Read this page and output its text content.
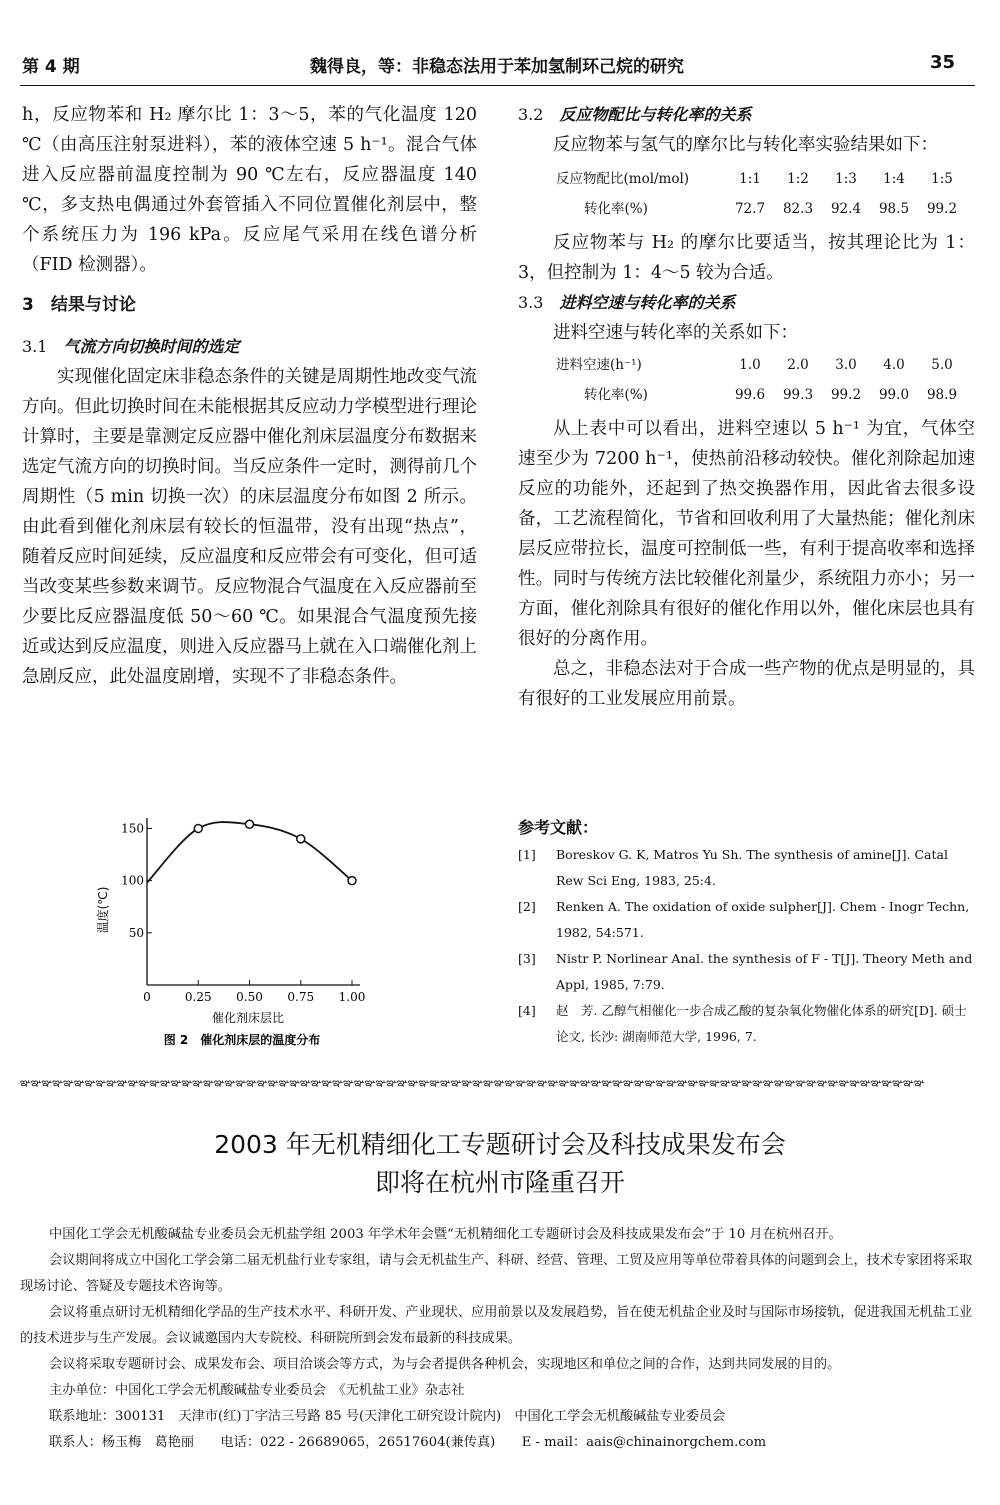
第 4 期	魏得良，等：非稳态法用于苯加氢制环己烷的研究	35

h，反应物苯和 H₂ 摩尔比 1：3～5，苯的气化温度 120 ℃（由高压注射泵进料），苯的液体空速 5 h⁻¹。混合气体进入反应器前温度控制为 90 ℃左右，反应器温度 140 ℃，多支热电偶通过外套管插入不同位置催化剂层中，整个系统压力为 196 kPa。反应尾气采用在线色谱分析（FID 检测器）。

3　结果与讨论

3.1 气流方向切换时间的选定

实现催化固定床非稳态条件的关键是周期性地改变气流方向。但此切换时间在未能根据其反应动力学模型进行理论计算时，主要是靠测定反应器中催化剂床层温度分布数据来选定气流方向的切换时间。当反应条件一定时，测得前几个周期性（5 min 切换一次）的床层温度分布如图 2 所示。由此看到催化剂床层有较长的恒温带，没有出现“热点”，随着反应时间延续，反应温度和反应带会有可变化，但可适当改变某些参数来调节。反应物混合气温度在入反应器前至少要比反应器温度低 50～60 ℃。如果混合气温度预先接近或达到反应温度，则进入反应器马上就在入口端催化剂上急剧反应，此处温度剧增，实现不了非稳态条件。

50
100
150
0	0.25 0.50 0.75 1.00
温度(℃)
催化剂床层比
图 2　催化剂床层的温度分布

3.2 反应物配比与转化率的关系

反应物苯与氢气的摩尔比与转化率实验结果如下：

反应物配比(mol/mol)	1:1	1:2	1:3	1:4	1:5
转化率(%)	72.7	82.3	92.4	98.5	99.2

反应物苯与 H₂ 的摩尔比要适当，按其理论比为 1：3，但控制为 1：4～5 较为合适。

3.3 进料空速与转化率的关系

进料空速与转化率的关系如下：

进料空速(h⁻¹)	1.0	2.0	3.0	4.0	5.0
转化率(%)	99.6	99.3	99.2	99.0	98.9

从上表中可以看出，进料空速以 5 h⁻¹ 为宜，气体空速至少为 7200 h⁻¹，使热前沿移动较快。催化剂除起加速反应的功能外，还起到了热交换器作用，因此省去很多设备，工艺流程简化，节省和回收利用了大量热能；催化剂床层反应带拉长，温度可控制低一些，有利于提高收率和选择性。同时与传统方法比较催化剂量少，系统阻力亦小；另一方面，催化剂除具有很好的催化作用以外，催化床层也具有很好的分离作用。

总之，非稳态法对于合成一些产物的优点是明显的，具有很好的工业发展应用前景。

参考文献：
[1] Boreskov G. K, Matros Yu Sh. The synthesis of amine[J]. Catal Rew Sci Eng, 1983, 25:4.
[2] Renken A. The oxidation of oxide sulpher[J]. Chem - Inogr Techn, 1982, 54:571.
[3] Nistr P. Norlinear Anal. the synthesis of F - T[J]. Theory Meth and Appl, 1985, 7:79.
[4] 赵　芳. 乙醇气相催化一步合成乙酸的复杂氧化物催化体系的研究[D]. 硕士论文, 长沙: 湖南师范大学, 1996, 7.
ఞఞఞఞఞఞఞఞఞఞఞఞఞఞఞఞఞఞఞఞఞఞఞఞఞఞఞఞఞఞఞఞఞఞఞఞఞఞఞఞఞఞఞఞఞఞఞఞఞఞఞఞఞఞఞఞఞఞఞఞఞఞఞఞఞఞఞఞఞఞఞఞఞఞఞఞఞఞఞఞఞఞఞఞ
2003 年无机精细化工专题研讨会及科技成果发布会
即将在杭州市隆重召开

中国化工学会无机酸碱盐专业委员会无机盐学组 2003 年学术年会暨“无机精细化工专题研讨会及科技成果发布会”于 10 月在杭州召开。

会议期间将成立中国化工学会第二届无机盐行业专家组，请与会无机盐生产、科研、经营、管理、工贸及应用等单位带着具体的问题到会上，技术专家团将采取现场讨论、答疑及专题技术咨询等。

会议将重点研讨无机精细化学品的生产技术水平、科研开发、产业现状、应用前景以及发展趋势，旨在使无机盐企业及时与国际市场接轨，促进我国无机盐工业的技术进步与生产发展。会议诚邀国内大专院校、科研院所到会发布最新的科技成果。

会议将采取专题研讨会、成果发布会、项目洽谈会等方式，为与会者提供各种机会，实现地区和单位之间的合作，达到共同发展的目的。

主办单位：中国化工学会无机酸碱盐专业委员会　《无机盐工业》杂志社

联系地址：300131　天津市(红)丁字沽三号路 85 号(天津化工研究设计院内)　中国化工学会无机酸碱盐专业委员会

联系人：杨玉梅　葛艳丽　　电话：022 - 26689065，26517604(兼传真)　　E - mail：aais@chinainorgchem.com
